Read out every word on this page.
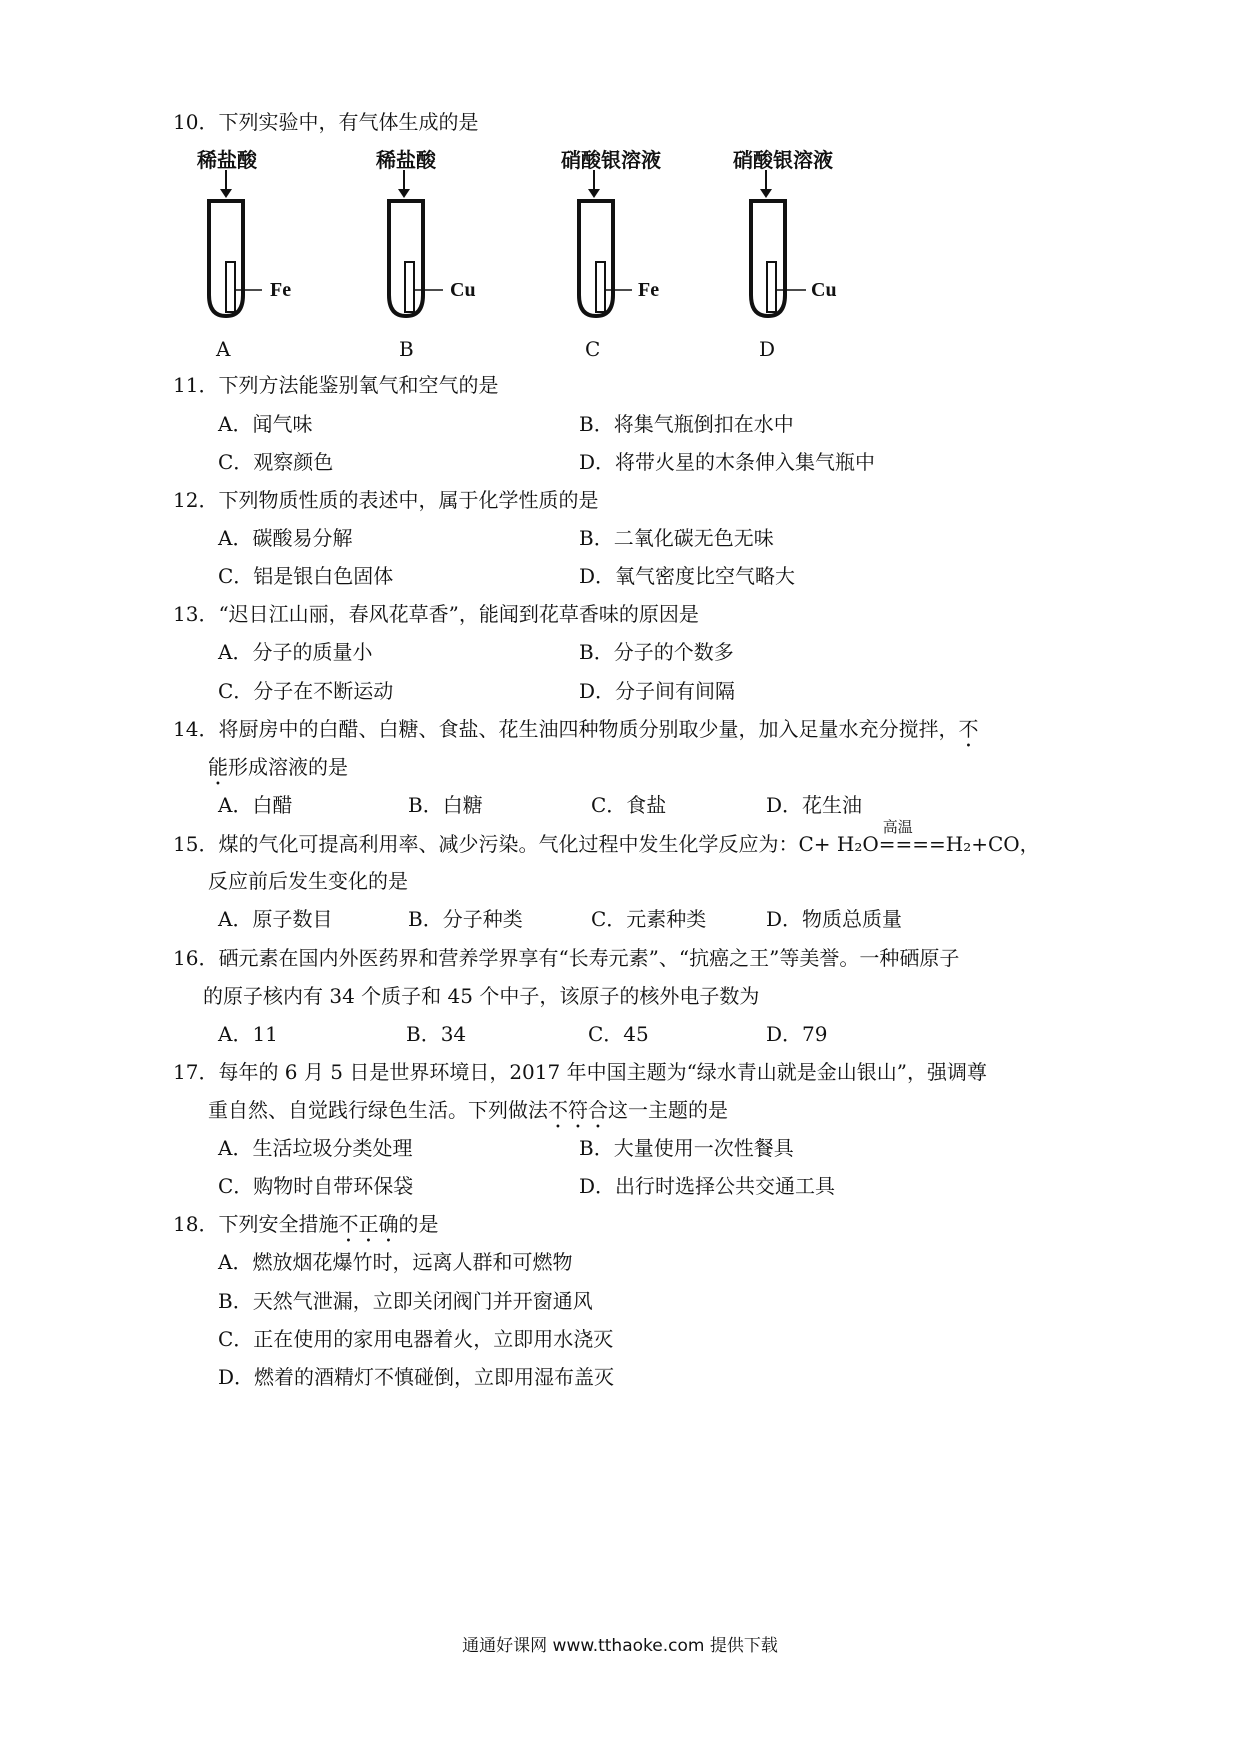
10．下列实验中，有气体生成的是
稀盐酸	稀盐酸	硝酸银溶液	硝酸银溶液
Fe	Cu	Fe	Cu
A	B	C	D
11．下列方法能鉴别氧气和空气的是
A．闻气味	B．将集气瓶倒扣在水中
C．观察颜色	D．将带火星的木条伸入集气瓶中
12．下列物质性质的表述中，属于化学性质的是
A．碳酸易分解	B．二氧化碳无色无味
C．铝是银白色固体	D．氧气密度比空气略大
13．“迟日江山丽，春风花草香”，能闻到花草香味的原因是
A．分子的质量小	B．分子的个数多
C．分子在不断运动	D．分子间有间隔
14．将厨房中的白醋、白糖、食盐、花生油四种物质分别取少量，加入足量水充分搅拌，不
能形成溶液的是
A．白醋	B．白糖	C．食盐	D．花生油
15．煤的气化可提高利用率、减少污染。气化过程中发生化学反应为：C+ H₂O
高温
====H₂+CO，
反应前后发生变化的是
A．原子数目	B．分子种类	C．元素种类	D．物质总质量
16．硒元素在国内外医药界和营养学界享有“长寿元素”、“抗癌之王”等美誉。一种硒原子
的原子核内有 34 个质子和 45 个中子，该原子的核外电子数为
A．11	B．34	C．45	D．79
17．每年的 6 月 5 日是世界环境日，2017 年中国主题为“绿水青山就是金山银山”，强调尊
重自然、自觉践行绿色生活。下列做法不符合这一主题的是
A．生活垃圾分类处理	B．大量使用一次性餐具
C．购物时自带环保袋	D．出行时选择公共交通工具
18．下列安全措施不正确的是
A．燃放烟花爆竹时，远离人群和可燃物
B．天然气泄漏，立即关闭阀门并开窗通风
C．正在使用的家用电器着火，立即用水浇灭
D．燃着的酒精灯不慎碰倒，立即用湿布盖灭
通通好课网 www.tthaoke.com 提供下载
